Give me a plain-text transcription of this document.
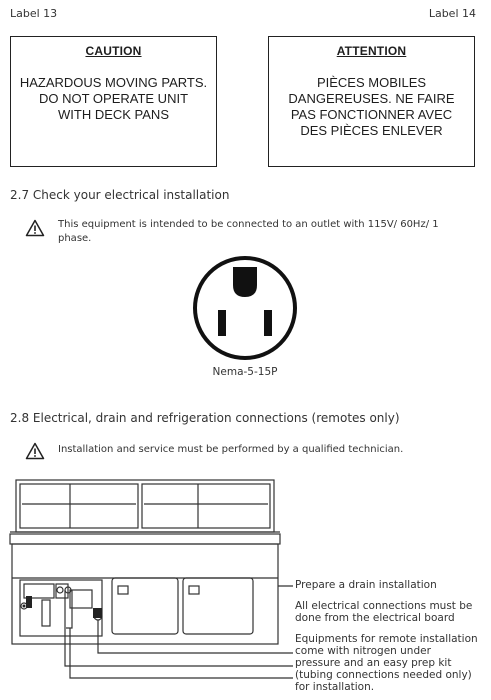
Label 13	Label 14
CAUTION
HAZARDOUS MOVING PARTS.
DO NOT OPERATE UNIT
WITH DECK PANS
ATTENTION
PIÈCES MOBILES
DANGEREUSES. NE FAIRE
PAS FONCTIONNER AVEC
DES PIÈCES ENLEVER
2.7 Check your electrical installation
This equipment is intended to be connected to an outlet with 115V/ 60Hz/ 1
phase.
Nema-5-15P
2.8 Electrical, drain and refrigeration connections (remotes only)
Installation and service must be performed by a qualified technician.
Prepare a drain installation
All electrical connections must be
done from the electrical board
Equipments for remote installation
come with nitrogen under
pressure and an easy prep kit
(tubing connections needed only)
for installation.
